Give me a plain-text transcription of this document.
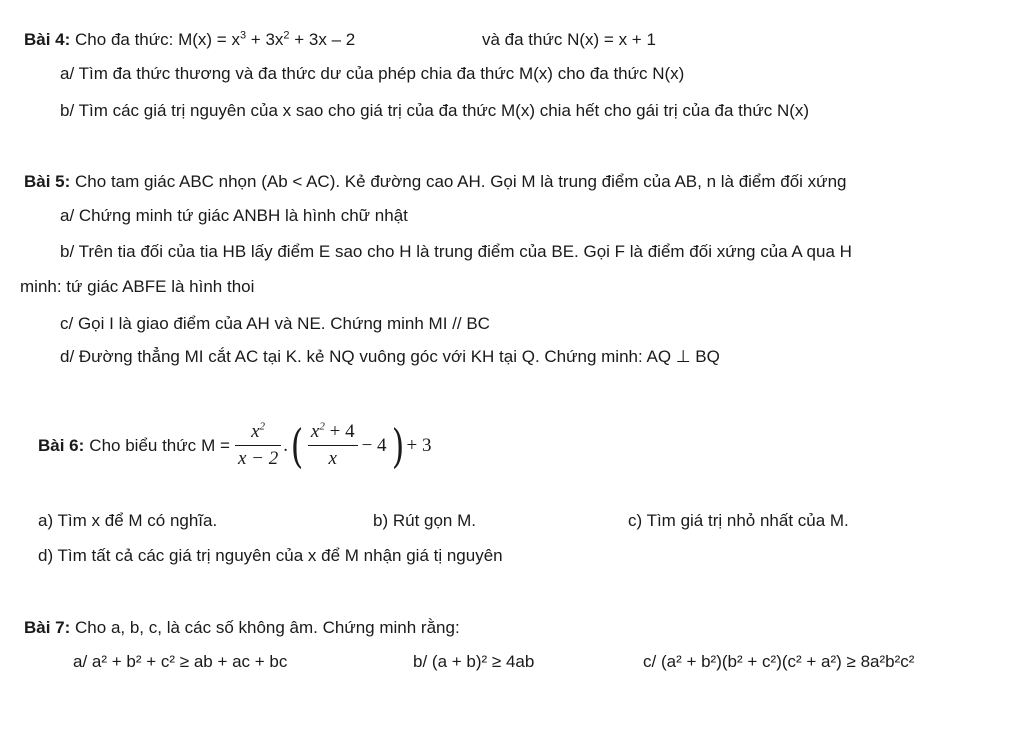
Bài 4: Cho đa thức: $M(x) = x^3 + 3x^2 + 3x - 2$	và đa thức N(x) = x + 1
a/ Tìm đa thức thương và đa thức dư của phép chia đa thức M(x) cho đa thức N(x)
b/ Tìm các giá trị nguyên của x sao cho giá trị của đa thức M(x) chia hết cho gái trị của đa thức N(x)
Bài 5: Cho tam giác ABC nhọn (Ab < AC). Kẻ đường cao AH. Gọi M là trung điểm của AB, n là điểm đối xứng
a/ Chứng minh tứ giác ANBH là hình chữ nhật
b/ Trên tia đối của tia HB lấy điểm E sao cho H là trung điểm của BE. Gọi F là điểm đối xứng của A qua H
minh: tứ giác ABFE là hình thoi
c/ Gọi I là giao điểm của AH và NE. Chứng minh MI // BC
d/ Đường thẳng MI cắt AC tại K. kẻ NQ vuông góc với KH tại Q. Chứng minh: AQ ⊥ BQ
Bài 6: Cho biểu thức $M = \frac{x^2}{x - 2}$ . ( $\frac{x^2 + 4}{x} - 4$ ) + 3
a) Tìm x để M có nghĩa.	b) Rút gọn M.	c) Tìm giá trị nhỏ nhất của M.
d) Tìm tất cả các giá trị nguyên của x để M nhận giá tị nguyên
Bài 7: Cho a, b, c, là các số không âm. Chứng minh rằng:
a/ a² + b² + c² ≥ ab + ac + bc	b/ (a + b)² ≥ 4ab	c/ (a² + b²)(b² + c²)(c² + a²) ≥ 8a²b²c²
